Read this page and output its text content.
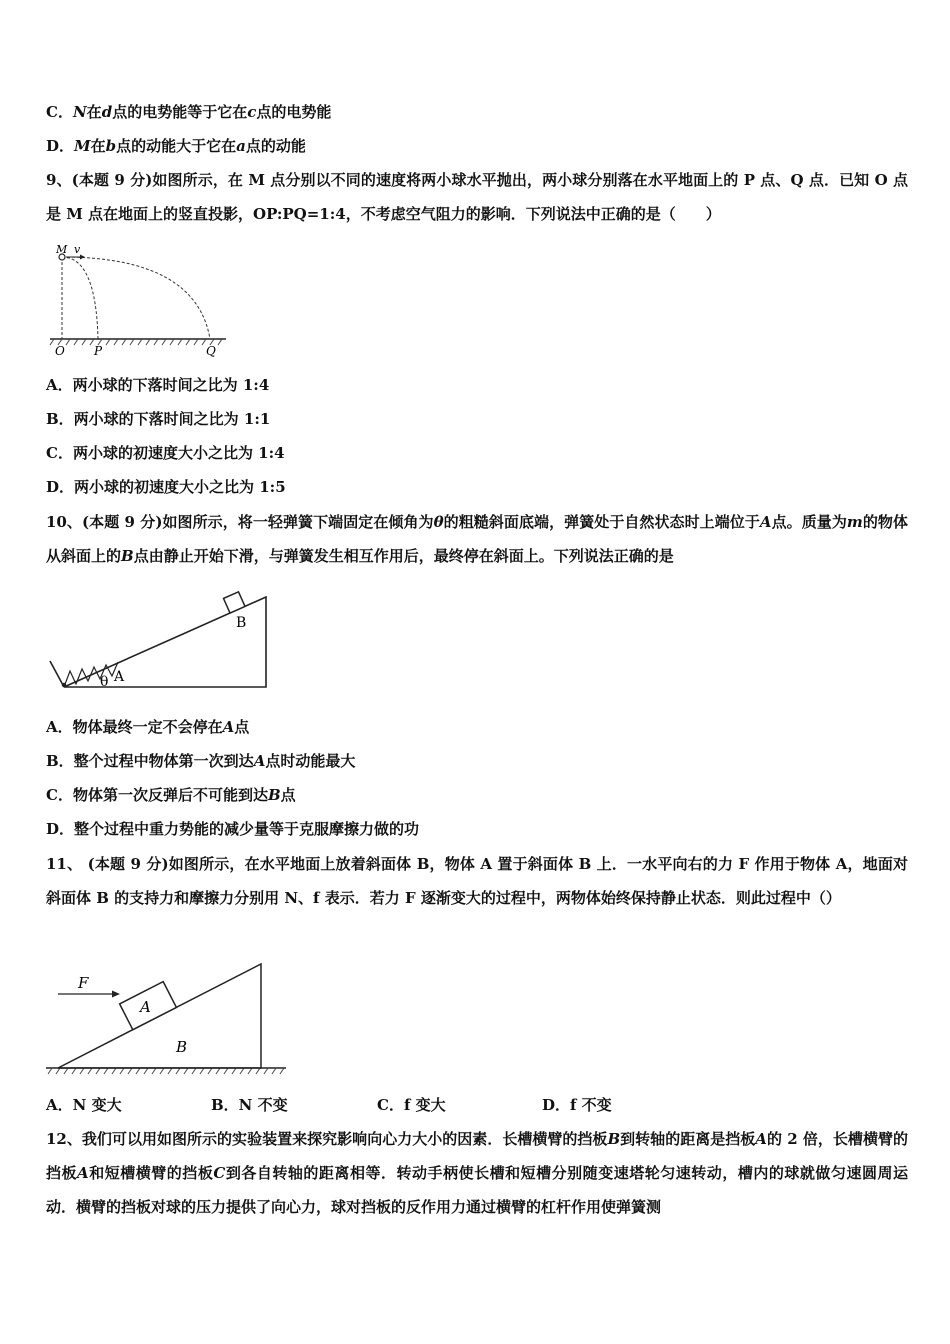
C．N在d点的电势能等于它在c点的电势能
D．M在b点的动能大于它在a点的动能
9、(本题 9 分)如图所示，在 M 点分别以不同的速度将两小球水平抛出，两小球分别落在水平地面上的 P 点、Q 点．已知 O 点是 M 点在地面上的竖直投影，OP:PQ=1:4，不考虑空气阻力的影响．下列说法中正确的是（　　）
M v
O P	Q
A．两小球的下落时间之比为 1:4
B．两小球的下落时间之比为 1:1
C．两小球的初速度大小之比为 1:4
D．两小球的初速度大小之比为 1:5
10、(本题 9 分)如图所示，将一轻弹簧下端固定在倾角为θ的粗糙斜面底端，弹簧处于自然状态时上端位于A点。质量为m的物体从斜面上的B点由静止开始下滑，与弹簧发生相互作用后，最终停在斜面上。下列说法正确的是
B
θ A
A．物体最终一定不会停在A点
B．整个过程中物体第一次到达A点时动能最大
C．物体第一次反弹后不可能到达B点
D．整个过程中重力势能的减少量等于克服摩擦力做的功
11、 (本题 9 分)如图所示，在水平地面上放着斜面体 B，物体 A 置于斜面体 B 上．一水平向右的力 F 作用于物体 A，地面对斜面体 B 的支持力和摩擦力分别用 N、f 表示．若力 F 逐渐变大的过程中，两物体始终保持静止状态．则此过程中（）
F
A
B
A．N 变大	B．N 不变	C．f 变大	D．f 不变
12、我们可以用如图所示的实验装置来探究影响向心力大小的因素．长槽横臂的挡板B到转轴的距离是挡板A的 2 倍，长槽横臂的挡板A和短槽横臂的挡板C到各自转轴的距离相等．转动手柄使长槽和短槽分别随变速塔轮匀速转动，槽内的球就做匀速圆周运动．横臂的挡板对球的压力提供了向心力，球对挡板的反作用力通过横臂的杠杆作用使弹簧测
